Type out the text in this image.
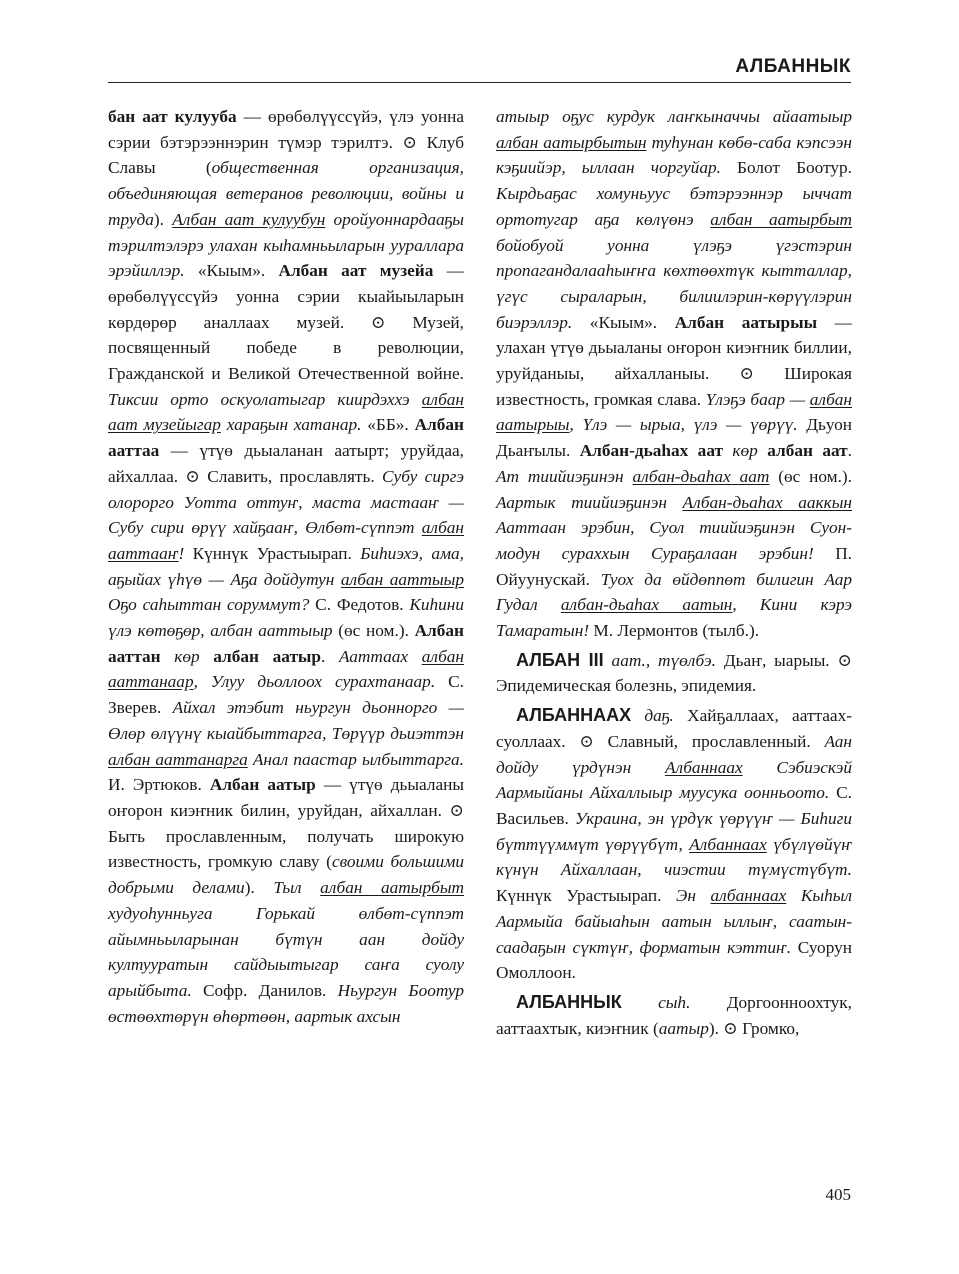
АЛБАННЫК

бан аат кулууба — өрөбөлүүссүйэ, үлэ уонна сэрии бэтэрээннэрин түмэр тэрилтэ. ⊙ Клуб Славы (общественная организация, объединяющая ветеранов революции, войны и труда). Албан аат кулуубун оройуоннардааҕы тэрилтэлэрэ улахан кыһамньыларын уураллара эрэйиллэр. «Кыым». Албан аат музейа — өрөбөлүүссүйэ уонна сэрии кыайыыларын көрдөрөр аналлаах музей. ⊙ Музей, посвященный победе в революции, Гражданской и Великой Отечественной войне. Тиксии орто оскуолатыгар киирдэххэ албан аат музейыгар хараҕын хатанар. «ББ». Албан ааттаа — үтүө дьыаланан аатырт; уруйдаа, айхаллаа. ⊙ Славить, прославлять. Субу сиргэ олорорго Уотта оттуҥ, маста мастааҥ — Субу сири өрүү хайҕааҥ, Өлбөт-сүппэт албан ааттааҥ! Күннүк Урастыырап. Биһиэхэ, ама, аҕыйах үһүө — Аҕа дойдутун албан ааттыыр Оҕо саһыттан соруммут? С. Федотов. Киһини үлэ көтөҕөр, албан ааттыыр (өс ном.). Албан ааттан көр албан аатыр. Ааттаах албан ааттанаар, Улуу дьоллоох сурахтанаар. С. Зверев. Айхал этэбит ньургун дьоннорго — Өлөр өлүүнү кыайбыттарга, Төрүүр дьиэттэн албан ааттанарга Анал паастар ылбыттарга. И. Эртюков. Албан аатыр — үтүө дьыаланы оҥорон киэҥник билин, уруйдан, айхаллан. ⊙ Быть прославленным, получать широкую известность, громкую славу (своими большими добрыми делами). Тыл албан аатырбыт худуоһунньуга Горькай өлбөт-сүппэт айымньыларынан бүтүн аан дойду култууратын сайдыытыгар саҥа суолу арыйбыта. Софр. Данилов. Ньургун Боотур өстөөхтөрүн өһөртөөн, аартык ахсын

атыыр оҕус курдук лаҥкыначчы айаатыыр албан аатырбытын туһунан көбө-саба кэпсээн кэҕиийэр, ыллаан чоргуйар. Болот Боотур. Кырдьаҕас хомуньуус бэтэрээннэр ыччат ортотугар аҕа көлүөнэ албан аатырбыт бойобуой уонна үлэҕэ үгэстэрин пропагандалааһыҥҥа көхтөөхтүк кытталлар, үгүс сыраларын, билиилэрин-көрүүлэрин биэрэллэр. «Кыым». Албан аатырыы — улахан үтүө дьыаланы оҥорон киэҥник биллии, уруйданыы, айхалланыы. ⊙ Широкая известность, громкая слава. Үлэҕэ баар — албан аатырыы, Үлэ — ырыа, үлэ — үөрүү. Дьуон Дьаҥылы. Албан-дьаһах аат көр албан аат. Ат тиийиэҕинэн албан-дьаһах аат (өс ном.). Аартык тиийиэҕинэн Албан-дьаһах ааккын Ааттаан эрэбин, Суол тиийиэҕинэн Суон-модун сураххын Сураҕалаан эрэбин! П. Ойуунускай. Туох да өйдөппөт билигин Аар Гудал албан-дьаһах аатын, Кини кэрэ Тамаратын! М. Лермонтов (тылб.).

АЛБАН III аат., түөлбэ. Дьаҥ, ыарыы. ⊙ Эпидемическая болезнь, эпидемия.

АЛБАННААХ даҕ. Хайҕаллаах, ааттаах-суоллаах. ⊙ Славный, прославленный. Аан дойду үрдүнэн Албаннаах Сэбиэскэй Аармыйаны Айхаллыыр муусука оонньоото. С. Васильев. Украина, эн үрдүк үөрүүҥ — Биһиги бүттүүммүт үөрүүбүт, Албаннаах үбүлүөйүҥ күнүн Айхаллаан, чиэстии түмүстүбүт. Күннүк Урастыырап. Эн албаннаах Кыһыл Аармыйа байыаһын аатын ыллыҥ, саатын-саадаҕын сүктүҥ, форматын кэттиҥ. Суорун Омоллоон.

АЛБАННЫК сыһ. Доргоонноохтук, ааттаахтык, киэҥник (аатыр). ⊙ Громко,

405
